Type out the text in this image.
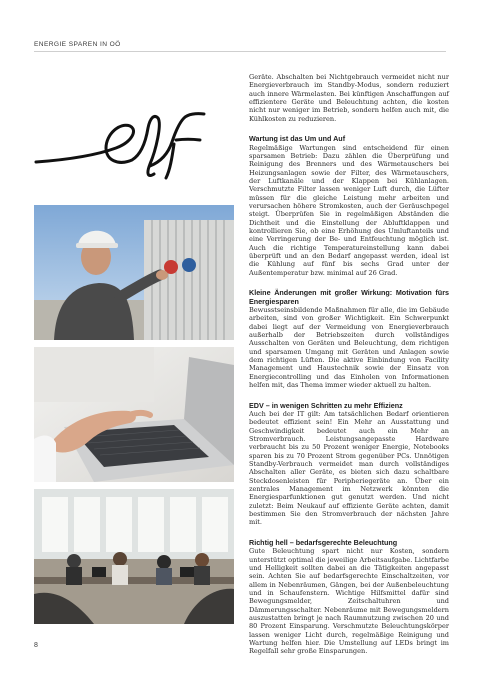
ENERGIE SPAREN IN OÖ

Geräte. Abschalten bei Nichtgebrauch vermeidet nicht nur Energieverbrauch im Standby-Modus, sondern reduziert auch innere Wärmelasten. Bei künftigen Anschaffungen auf effizientere Geräte und Beleuchtung achten, die kosten nicht nur weniger im Betrieb, sondern helfen auch mit, die Kühlkosten zu reduzieren.

Wartung ist das Um und Auf

Regelmäßige Wartungen sind entscheidend für einen sparsamen Betrieb: Dazu zählen die Überprüfung und Reinigung des Brenners und des Wärmetauschers bei Heizungsanlagen sowie der Filter, des Wärmetauschers, der Luftkanäle und der Klappen bei Kühlanlagen. Verschmutzte Filter lassen weniger Luft durch, die Lüfter müssen für die gleiche Leistung mehr arbeiten und verursachen höhere Stromkosten, auch der Geräuschpegel steigt. Überprüfen Sie in regelmäßigen Abständen die Dichtheit und die Einstellung der Abluftklappen und kontrollieren Sie, ob eine Erhöhung des Umluftanteils und eine Verringerung der Be- und Entfeuchtung möglich ist. Auch die richtige Temperatureinstellung kann dabei überprüft und an den Bedarf angepasst werden, ideal ist die Kühlung auf fünf bis sechs Grad unter der Außentemperatur bzw. minimal auf 26 Grad.

Kleine Änderungen mit großer Wirkung: Motivation fürs Energiesparen

Bewusstseinsbildende Maßnahmen für alle, die im Gebäude arbeiten, sind von großer Wichtigkeit. Ein Schwerpunkt dabei liegt auf der Vermeidung von Energieverbrauch außerhalb der Betriebszeiten durch vollständiges Ausschalten von Geräten und Beleuchtung, dem richtigen und sparsamen Umgang mit Geräten und Anlagen sowie dem richtigen Lüften. Die aktive Einbindung von Facility Management und Haustechnik sowie der Einsatz von Energiecontrolling und das Einholen von Informationen helfen mit, das Thema immer wieder aktuell zu halten.

EDV – in wenigen Schritten zu mehr Effizienz

Auch bei der IT gilt: Am tatsächlichen Bedarf orientieren bedeutet effizient sein! Ein Mehr an Ausstattung und Geschwindigkeit bedeutet auch ein Mehr an Stromverbrauch. Leistungsangepasste Hardware verbraucht bis zu 50 Prozent weniger Energie, Notebooks sparen bis zu 70 Prozent Strom gegenüber PCs. Unnötigen Standby-Verbrauch vermeidet man durch vollständiges Abschalten aller Geräte, es bieten sich dazu schaltbare Steckdosenleisten für Peripheriegeräte an. Über ein zentrales Management im Netzwerk könnten die Energiesparfunktionen gut genutzt werden. Und nicht zuletzt: Beim Neukauf auf effiziente Geräte achten, damit bestimmen Sie den Stromverbrauch der nächsten Jahre mit.

Richtig hell – bedarfsgerechte Beleuchtung

Gute Beleuchtung spart nicht nur Kosten, sondern unterstützt optimal die jeweilige Arbeitsaufgabe. Lichtfarbe und Helligkeit sollten dabei an die Tätigkeiten angepasst sein. Achten Sie auf bedarfsgerechte Einschaltzeiten, vor allem in Nebenräumen, Gängen, bei der Außenbeleuchtung und in Schaufenstern. Wichtige Hilfsmittel dafür sind Bewegungsmelder, Zeitschaltuhren und Dämmerungsschalter. Nebenräume mit Bewegungsmeldern auszustatten bringt je nach Raumnutzung zwischen 20 und 80 Prozent Einsparung. Verschmutzte Beleuchtungskörper lassen weniger Licht durch, regelmäßige Reinigung und Wartung helfen hier. Die Umstellung auf LEDs bringt im Regelfall sehr große Einsparungen.

8
